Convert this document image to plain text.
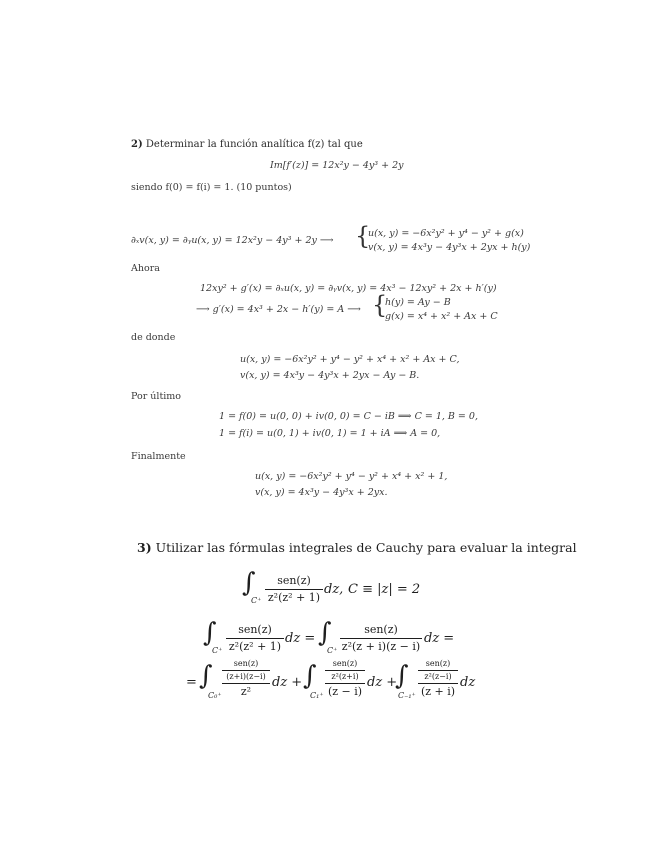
2) Determinar la función analítica f(z) tal que
Im[f′(z)] = 12x²y − 4y³ + 2y
siendo f(0) = f(i) = 1. (10 puntos)
∂ₓv(x, y) = ∂ᵧu(x, y) = 12x²y − 4y³ + 2y ⟶ {
u(x, y) = −6x²y² + y⁴ − y² + g(x)
v(x, y) = 4x³y − 4y³x + 2yx + h(y)
Ahora
12xy² + g′(x) = ∂ₓu(x, y) = ∂ᵧv(x, y) = 4x³ − 12xy² + 2x + h′(y)
⟶ g′(x) = 4x³ + 2x − h′(y) = A ⟶ {
h(y) = Ay − B
g(x) = x⁴ + x² + Ax + C
de donde
u(x, y) = −6x²y² + y⁴ − y² + x⁴ + x² + Ax + C,
v(x, y) = 4x³y − 4y³x + 2yx − Ay − B.
Por último
1 = f(0) = u(0, 0) + iv(0, 0) = C − iB ⟹ C = 1, B = 0,
1 = f(i) = u(0, 1) + iv(0, 1) = 1 + iA ⟹ A = 0,
Finalmente
u(x, y) = −6x²y² + y⁴ − y² + x⁴ + x² + 1,
v(x, y) = 4x³y − 4y³x + 2yx.
3) Utilizar las fórmulas integrales de Cauchy para evaluar la integral
∫
C⁺
sen(z)
z²(z² + 1)
dz, C ≡ |z| = 2
∫
C⁺
sen(z)
z²(z² + 1)
dz = ∫
C⁺
sen(z)
z²(z + i)(z − i)
dz =
= ∫
C₀⁺
sen(z)
(z+i)(z−i)
z²
dz + ∫
C₁⁺
sen(z)
z²(z+i)
(z − i)
dz +
∫
C₋₁⁺
sen(z)
z²(z−i)
(z + i)
dz
